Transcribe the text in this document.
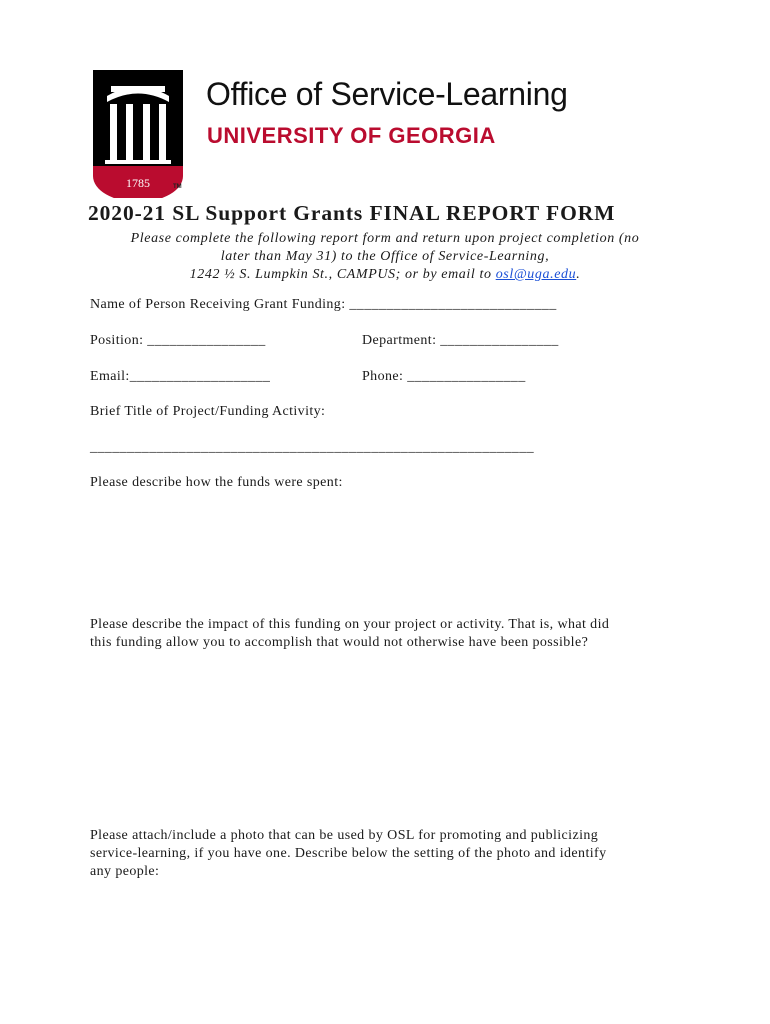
1785	TM
Office of Service-Learning
UNIVERSITY OF GEORGIA
2020-21 SL Support Grants FINAL REPORT FORM
Please complete the following report form and return upon project completion (no
later than May 31) to the Office of Service-Learning,
1242 ½ S. Lumpkin St., CAMPUS; or by email to osl@uga.edu.
Name of Person Receiving Grant Funding: ____________________________
Position: ________________	Department: ________________
Email:___________________	Phone: ________________
Brief Title of Project/Funding Activity:
____________________________________________________________
Please describe how the funds were spent:
Please describe the impact of this funding on your project or activity. That is, what did
this funding allow you to accomplish that would not otherwise have been possible?
Please attach/include a photo that can be used by OSL for promoting and publicizing
service-learning, if you have one. Describe below the setting of the photo and identify
any people:
